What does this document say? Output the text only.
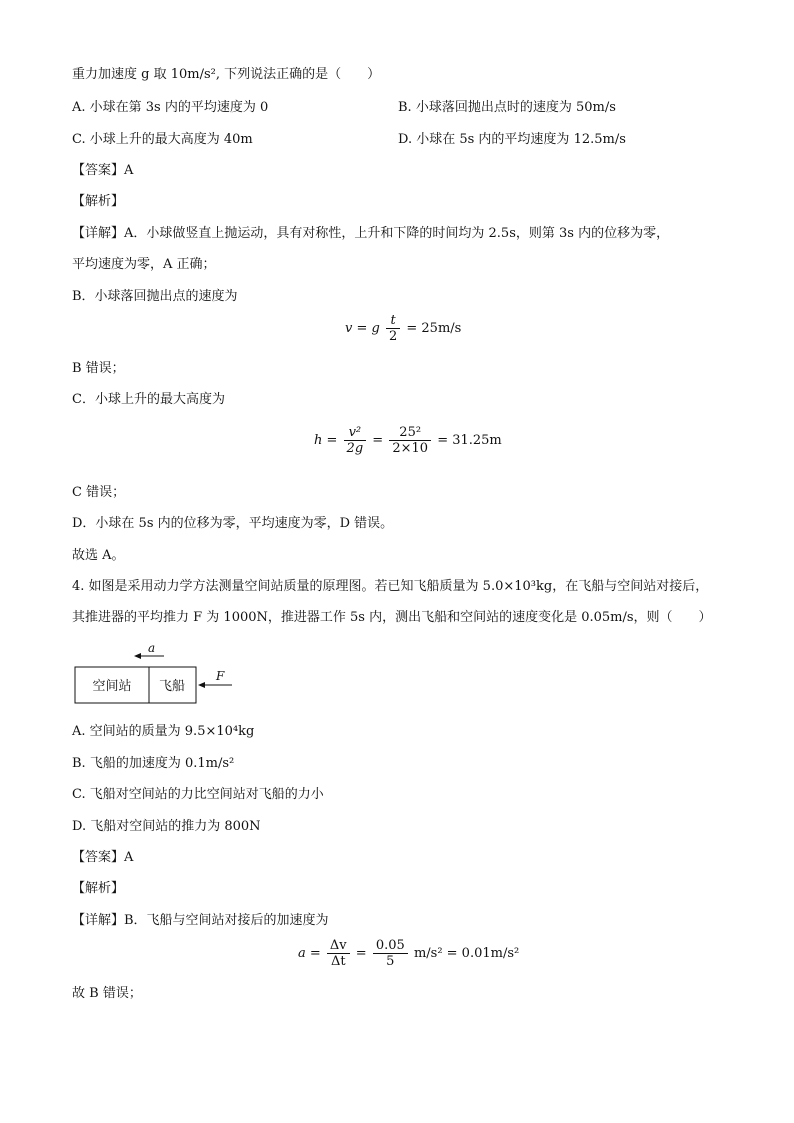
重力加速度 g 取 10m/s², 下列说法正确的是（　　）
A. 小球在第 3s 内的平均速度为 0	B. 小球落回抛出点时的速度为 50m/s
C. 小球上升的最大高度为 40m	D. 小球在 5s 内的平均速度为 12.5m/s
【答案】A
【解析】
【详解】A．小球做竖直上抛运动，具有对称性，上升和下降的时间均为 2.5s，则第 3s 内的位移为零，
平均速度为零，A 正确；
B．小球落回抛出点的速度为
v = g $\frac{t}{2} = 25m/s$
B 错误；
C．小球上升的最大高度为
$h = \frac{\text{v²}}{2g} = \frac{\text{25²}}{2\times 10} = 31.25m$
C 错误；
D．小球在 5s 内的位移为零，平均速度为零，D 错误。
故选 A。
4. 如图是采用动力学方法测量空间站质量的原理图。若已知飞船质量为 5.0×10³kg，在飞船与空间站对接后，
其推进器的平均推力 F 为 1000N，推进器工作 5s 内，测出飞船和空间站的速度变化是 0.05m/s，则（　　）
a
空间站 飞船
F
A. 空间站的质量为 9.5×10⁴kg
B. 飞船的加速度为 0.1m/s²
C. 飞船对空间站的力比空间站对飞船的力小
D. 飞船对空间站的推力为 800N
【答案】A
【解析】
【详解】B．飞船与空间站对接后的加速度为
$a = \frac{\Delta v}{\Delta t} = \frac{0.05}{5} m/s^2 = 0.01m/s^2$
故 B 错误；
